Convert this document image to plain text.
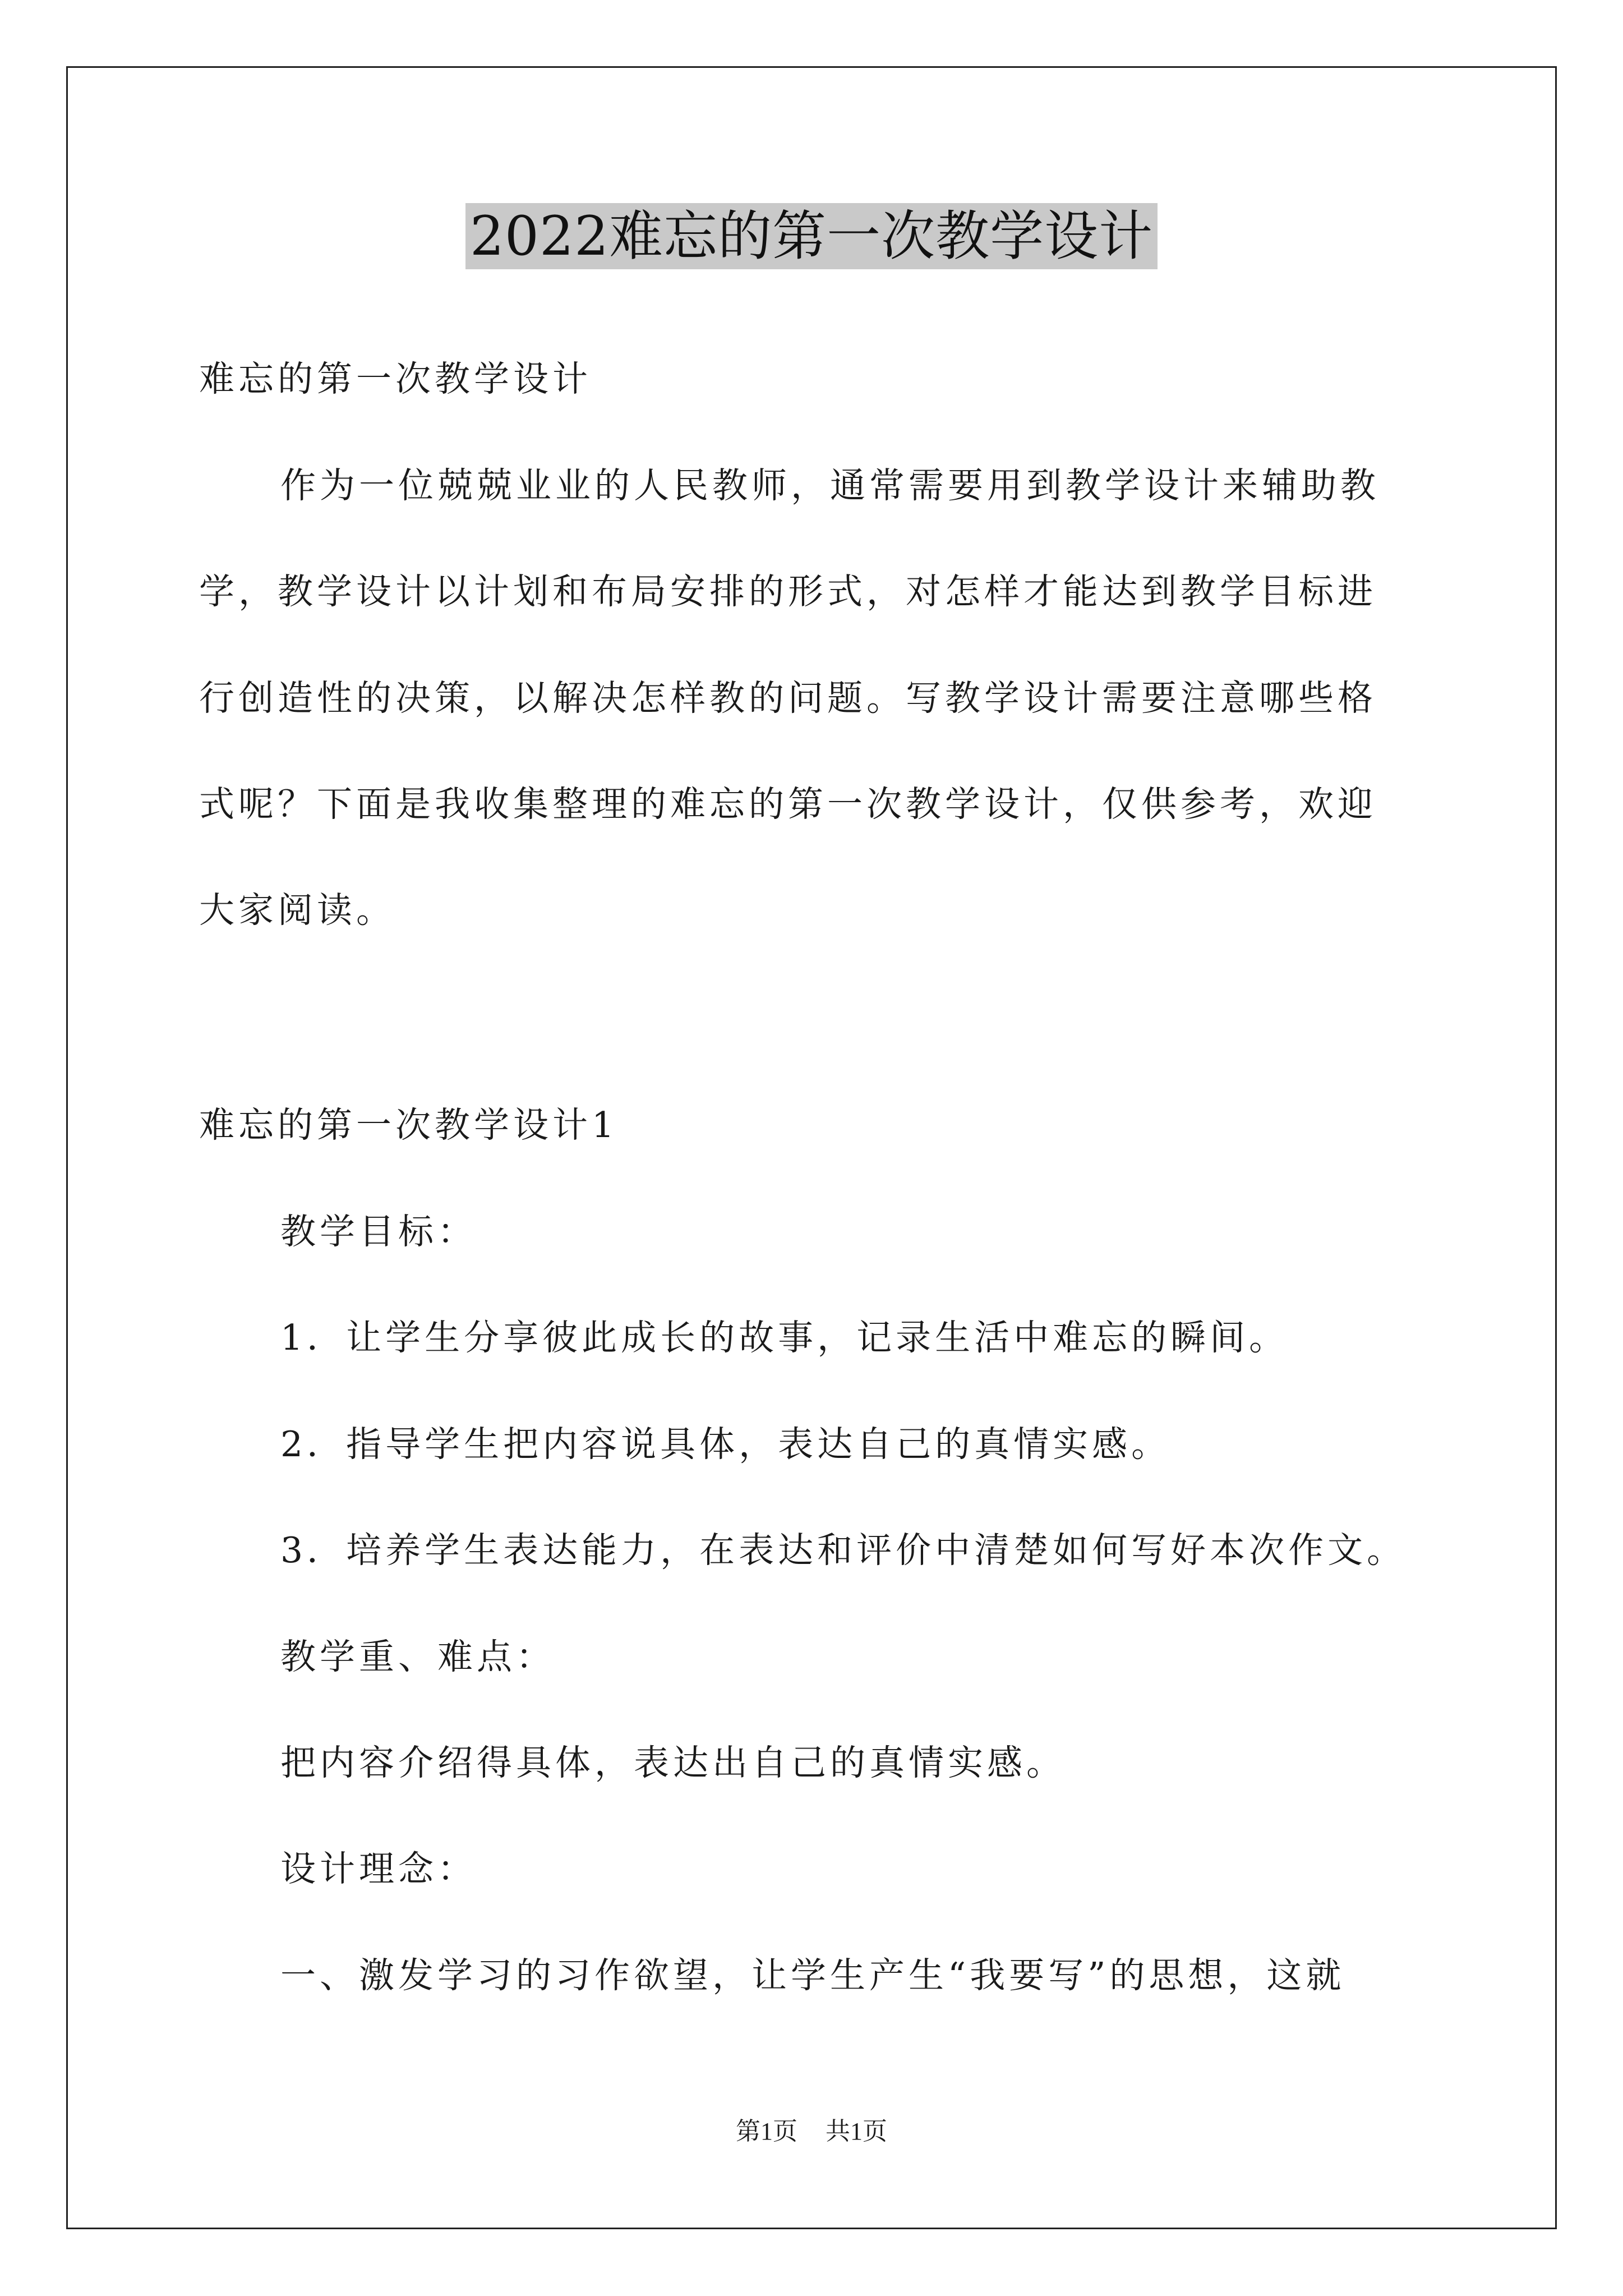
2022难忘的第一次教学设计
难忘的第一次教学设计
作为一位兢兢业业的人民教师，通常需要用到教学设计来辅助教
学，教学设计以计划和布局安排的形式，对怎样才能达到教学目标进
行创造性的决策，以解决怎样教的问题。写教学设计需要注意哪些格
式呢？下面是我收集整理的难忘的第一次教学设计，仅供参考，欢迎
大家阅读。
难忘的第一次教学设计1
教学目标：
1．让学生分享彼此成长的故事，记录生活中难忘的瞬间。
2．指导学生把内容说具体，表达自己的真情实感。
3．培养学生表达能力，在表达和评价中清楚如何写好本次作文。
教学重、难点：
把内容介绍得具体，表达出自己的真情实感。
设计理念：
一、激发学习的习作欲望，让学生产生“我要写”的思想，这就
第1页 共1页
